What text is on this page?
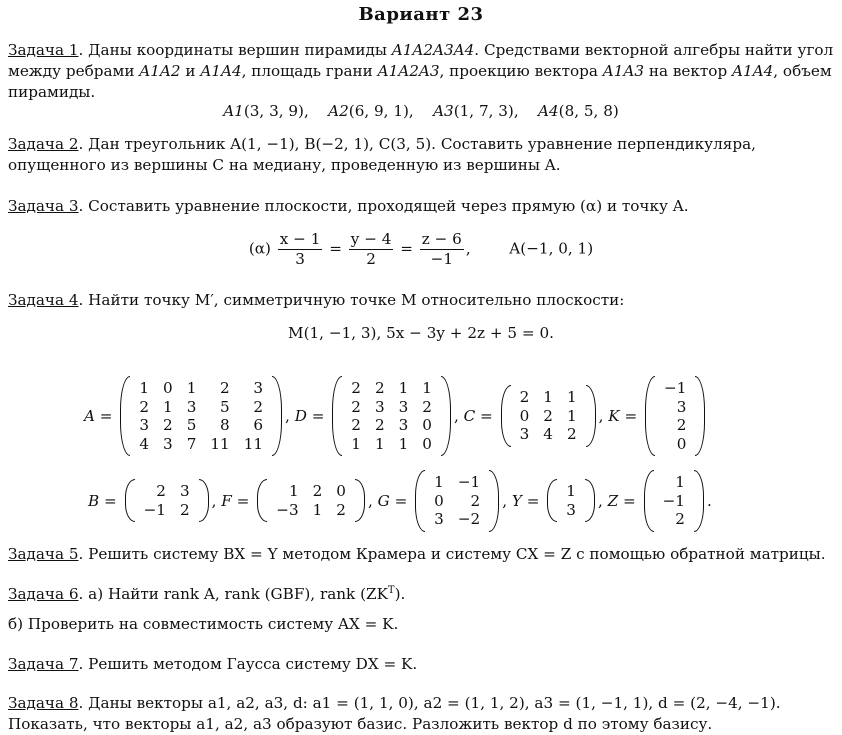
Вариант 23
Задача 1. Даны координаты вершин пирамиды A1A2A3A4. Средствами векторной алгебры найти угол между ребрами A1A2 и A1A4, площадь грани A1A2A3, проекцию вектора A1A3 на вектор A1A4, объем пирамиды.
A1(3, 3, 9), A2(6, 9, 1), A3(1, 7, 3), A4(8, 5, 8)
Задача 2. Дан треугольник A(1, −1), B(−2, 1), C(3, 5). Составить уравнение перпендикуляра, опущенного из вершины C на медиану, проведенную из вершины A.
Задача 3. Составить уравнение плоскости, проходящей через прямую (α) и точку A.
$(\alpha) \frac{x - 1}{3} = \frac{y - 4}{2} = \frac{z - 6}{-1}$ ,        A(−1, 0, 1)
Задача 4. Найти точку M′, симметричную точке M относительно плоскости:
M(1, −1, 3), 5x − 3y + 2z + 5 = 0.
A =
1	0	1	2	3
2	1	3	5	2
3	2	5	8	6
4	3	7	11	11
, D =
2	2	1	1
2	3	3	2
2	2	3	0
1	1	1	0
, C =
2	1	1
0	2	1
3	4	2
, K =
−1
3
2
0
B =
2	3
−1	2 , F =
1	2	0
−3	1	2 , G =
1	−1
0	2
3	−2
, Y =
1
3 , Z =
1
−1
2
.
Задача 5. Решить систему BX = Y методом Крамера и систему CX = Z с помощью обратной матрицы.
Задача 6. а) Найти rank A, rank (GBF), rank $(ZK^T)$.
б) Проверить на совместимость систему AX = K.
Задача 7. Решить методом Гаусса систему DX = K.
Задача 8. Даны векторы a1, a2, a3, d: a1 = (1, 1, 0), a2 = (1, 1, 2), a3 = (1, −1, 1), d = (2, −4, −1).
Показать, что векторы a1, a2, a3 образуют базис. Разложить вектор d по этому базису.
